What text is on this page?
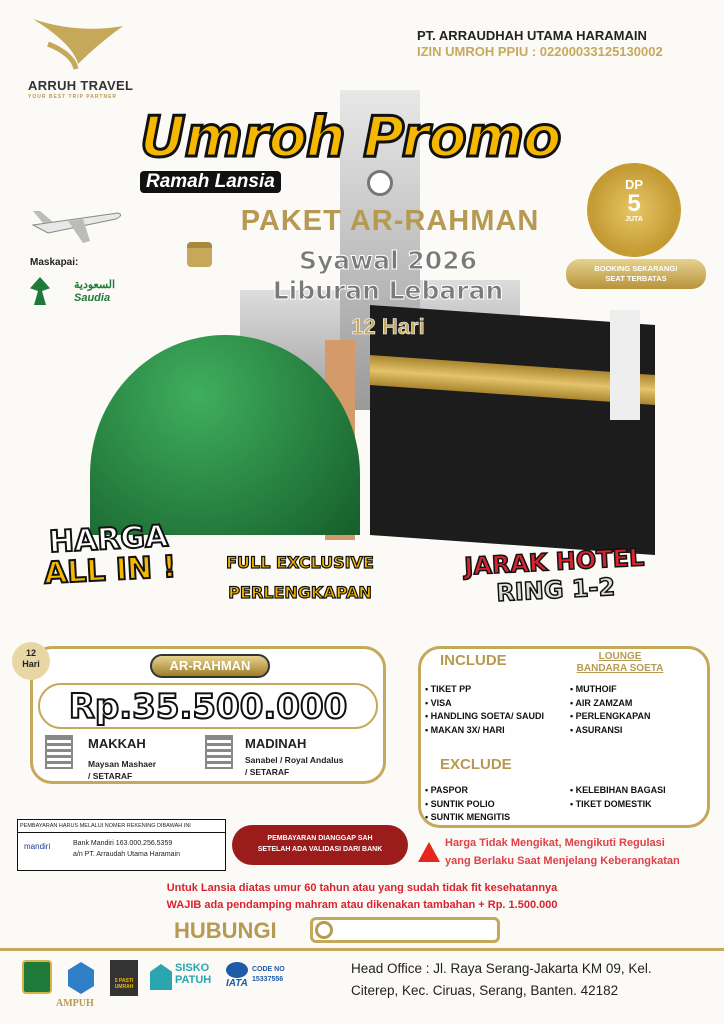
ARRUH TRAVEL
YOUR BEST TRIP PARTNER
PT. ARRAUDHAH UTAMA HARAMAIN
IZIN UMROH PPIU : 02200033125130002
Umroh Promo
Ramah Lansia
PAKET AR-RAHMAN
Syawal 2026
Liburan Lebaran
12 Hari
Maskapai:
السعودية
Saudia
DP
5
JUTA
BOOKING SEKARANG!
SEAT TERBATAS
HARGA
ALL IN !	FULL EXCLUSIVE
PERLENGKAPAN
JARAK HOTEL
RING 1-2
12
Hari	AR-RAHMAN
Rp.35.500.000
MAKKAH
Maysan Mashaer
/ SETARAF
MADINAH
Sanabel / Royal Andalus
/ SETARAF
INCLUDE	LOUNGE
BANDARA SOETA
• TIKET PP
• VISA
• HANDLING SOETA/ SAUDI
• MAKAN 3X/ HARI
• MUTHOIF
• AIR ZAMZAM
• PERLENGKAPAN
• ASURANSI
EXCLUDE
• PASPOR
• SUNTIK POLIO
• SUNTIK MENGITIS
• KELEBIHAN BAGASI
• TIKET DOMESTIK
PEMBAYARAN HARUS MELALUI NOMER REKENING DIBAWAH INI
mandiri	Bank Mandiri 163.000.256.5359
a/n PT. Arraudah Utama Haramain
PEMBAYARAN DIANGGAP SAH
SETELAH ADA VALIDASI DARI BANK
Harga Tidak Mengikat, Mengikuti Regulasi
yang Berlaku Saat Menjelang Keberangkatan
Untuk Lansia diatas umur 60 tahun atau yang sudah tidak fit kesehatannya
WAJIB ada pendamping mahram atau dikenakan tambahan + Rp. 1.500.000
HUBUNGI
AMPUH
5 PASTI UMRAH
SISKO
PATUH IATA
CODE NO
15337556
Head Office : Jl. Raya Serang-Jakarta KM 09, Kel.
Citerep, Kec. Ciruas, Serang, Banten. 42182
